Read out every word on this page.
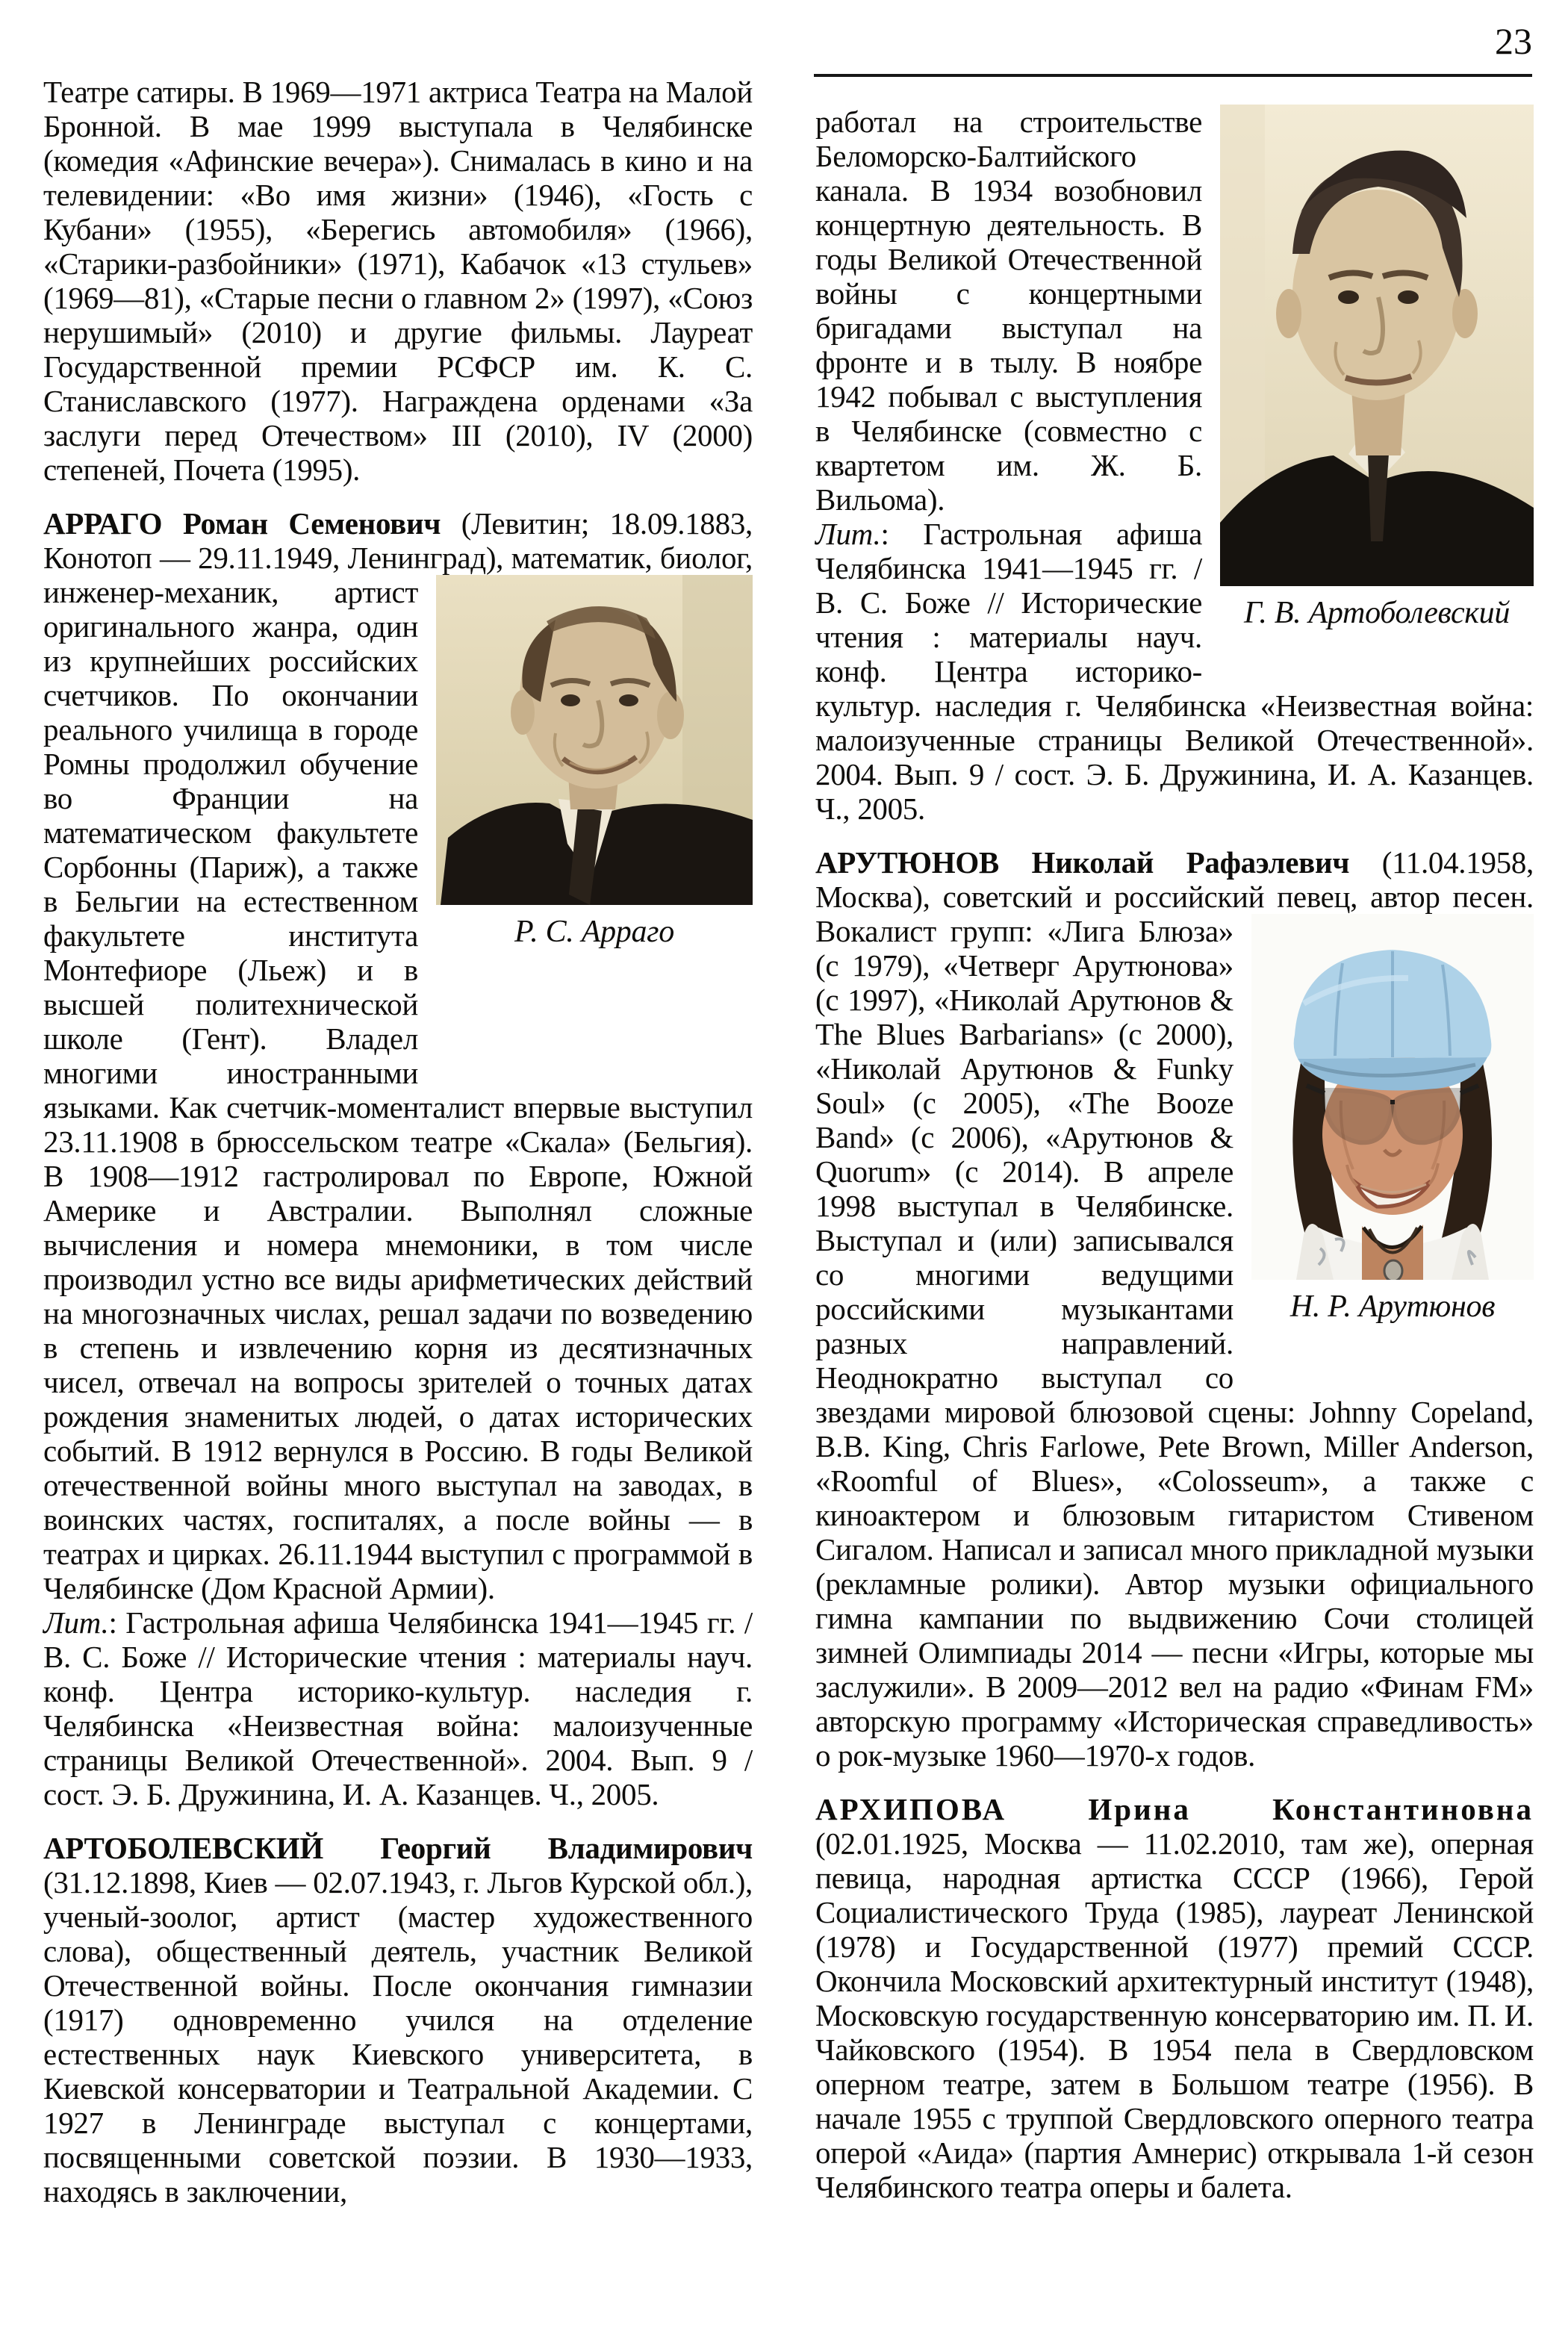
23

Театре сатиры. В 1969—1971 актриса Театра на Малой Бронной. В мае 1999 выступала в Челябинске (комедия «Афинские вечера»). Снималась в кино и на телевидении: «Во имя жизни» (1946), «Гость с Кубани» (1955), «Берегись автомобиля» (1966), «Старики-разбойники» (1971), Кабачок «13 стульев» (1969—81), «Старые песни о главном 2» (1997), «Союз нерушимый» (2010) и другие фильмы. Лауреат Государственной премии РСФСР им. К. С. Станиславского (1977). Награждена орденами «За заслуги перед Отечеством» III (2010), IV (2000) степеней, Почета (1995).

АРРАГО Роман Семенович (Левитин; 18.09.1883, Конотоп — 29.11.1949, Ленинград), математик,
Р. С. Арраго
биолог, инженер-механик, артист оригинального жанра, один из крупнейших российских счетчиков. По окончании реального училища в городе Ромны продолжил обучение во Франции на математическом факультете Сорбонны (Париж), а также в Бельгии на естественном факультете института Монтефиоре (Льеж) и в высшей политехнической школе (Гент). Владел многими иностранными языками. Как счетчик-моменталист впервые выступил 23.11.1908 в брюссельском театре «Скала» (Бельгия). В 1908—1912 гастролировал по Европе, Южной Америке и Австралии. Выполнял сложные вычисления и номера мнемоники, в том числе производил устно все виды арифметических действий на многозначных числах, решал задачи по возведению в степень и извлечению корня из десятизначных чисел, отвечал на вопросы зрителей о точных датах рождения знаменитых людей, о датах исторических событий. В 1912 вернулся в Россию. В годы Великой отечественной войны много выступал на заводах, в воинских частях, госпиталях, а после войны — в театрах и цирках. 26.11.1944 выступил с программой в Челябинске (Дом Красной Армии).

Лит.: Гастрольная афиша Челябинска 1941—1945 гг. / В. С. Боже // Исторические чтения : материалы науч. конф. Центра историко-культур. наследия г. Челябинска «Неизвестная война: малоизученные страницы Великой Отечественной». 2004. Вып. 9 / сост. Э. Б. Дружинина, И. А. Казанцев. Ч., 2005.

АРТОБОЛЕВСКИЙ Георгий Владимирович (31.12.1898, Киев — 02.07.1943, г. Льгов Курской обл.), ученый-зоолог, артист (мастер художественного слова), общественный деятель, участник Великой Отечественной войны. После окончания гимназии (1917) одновременно учился на отделение естественных наук Киевского университета, в Киевской консерватории и Театральной Академии. С 1927 в Ленинграде выступал с концертами, посвященными советской поэзии. В 1930—1933, находясь в заключении,

Г. В. Артоболевский
работал на строительстве Беломорско-Балтийского канала. В 1934 возобновил концертную деятельность. В годы Великой Отечественной войны с концертными бригадами выступал на фронте и в тылу. В ноябре 1942 побывал с выступления в Челябинске (совместно с квартетом им. Ж. Б. Вильома).

Лит.: Гастрольная афиша Челябинска 1941—1945 гг. / В. С. Боже // Исторические чтения : материалы науч. конф. Центра историко-культур. наследия г. Челябинска «Неизвестная война: малоизученные страницы Великой Отечественной». 2004. Вып. 9 / сост. Э. Б. Дружинина, И. А. Казанцев. Ч., 2005.

АРУТЮНОВ Николай Рафаэлевич (11.04.1958, Москва), советский и российский певец, автор
Н. Р. Арутюнов
песен. Вокалист групп: «Лига Блюза» (с 1979), «Четверг Арутюнова» (с 1997), «Николай Арутюнов & The Blues Barbarians» (с 2000), «Николай Арутюнов & Funky Soul» (с 2005), «The Booze Band» (с 2006), «Арутюнов & Quorum» (с 2014). В апреле 1998 выступал в Челябинске. Выступал и (или) записывался со многими ведущими российскими музыкантами разных направлений. Неоднократно выступал со звездами мировой блюзовой сцены: Johnny Copeland, B.B. King, Chris Farlowe, Pete Brown, Miller Anderson, «Roomful of Blues», «Colosseum», а также с киноактером и блюзовым гитаристом Стивеном Сигалом. Написал и записал много прикладной музыки (рекламные ролики). Автор музыки официального гимна кампании по выдвижению Сочи столицей зимней Олимпиады 2014 — песни «Игры, которые мы заслужили». В 2009—2012 вел на радио «Финам FM» авторскую программу «Историческая справедливость» о рок-музыке 1960—1970-х годов.

АРХИПОВА Ирина Константиновна (02.01.1925, Москва — 11.02.2010, там же), оперная певица, народная артистка СССР (1966), Герой Социалистического Труда (1985), лауреат Ленинской (1978) и Государственной (1977) премий СССР. Окончила Московский архитектурный институт (1948), Московскую государственную консерваторию им. П. И. Чайковского (1954). В 1954 пела в Свердловском оперном театре, затем в Большом театре (1956). В начале 1955 с труппой Свердловского оперного театра оперой «Аида» (партия Амнерис) открывала 1-й сезон Челябинского театра оперы и балета.
